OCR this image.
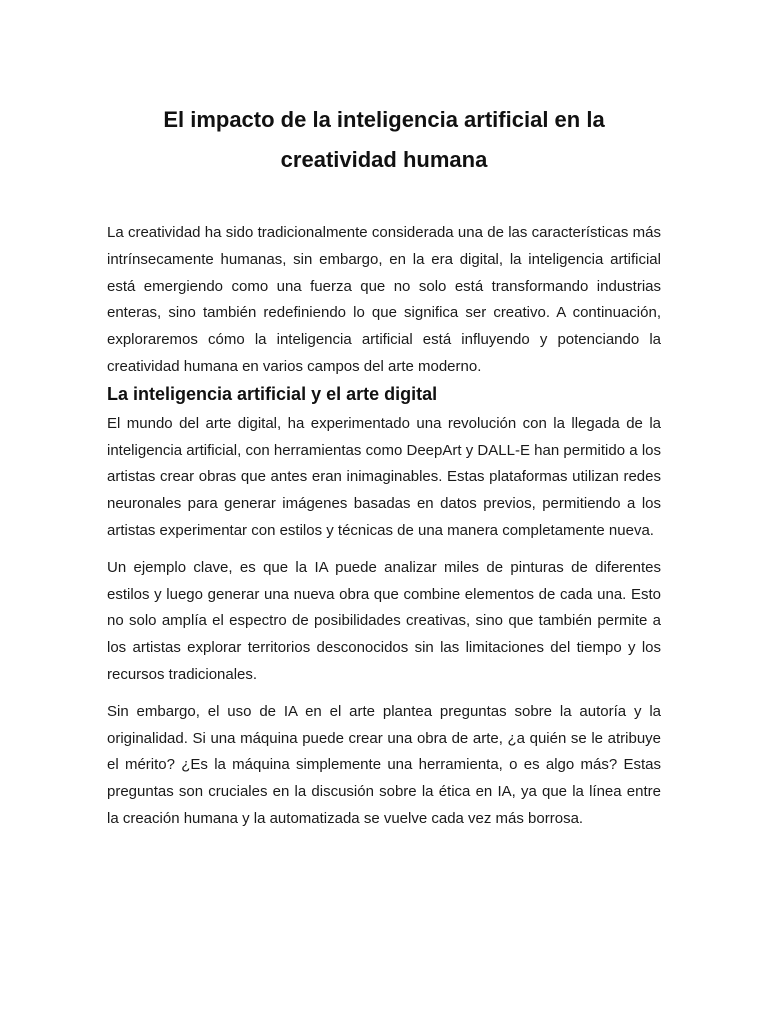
El impacto de la inteligencia artificial en la creatividad humana

La creatividad ha sido tradicionalmente considerada una de las características más intrínsecamente humanas, sin embargo, en la era digital, la inteligencia artificial está emergiendo como una fuerza que no solo está transformando industrias enteras, sino también redefiniendo lo que significa ser creativo. A continuación, exploraremos cómo la inteligencia artificial está influyendo y potenciando la creatividad humana en varios campos del arte moderno.

La inteligencia artificial y el arte digital

El mundo del arte digital, ha experimentado una revolución con la llegada de la inteligencia artificial, con herramientas como DeepArt y DALL-E han permitido a los artistas crear obras que antes eran inimaginables. Estas plataformas utilizan redes neuronales para generar imágenes basadas en datos previos, permitiendo a los artistas experimentar con estilos y técnicas de una manera completamente nueva.

Un ejemplo clave, es que la IA puede analizar miles de pinturas de diferentes estilos y luego generar una nueva obra que combine elementos de cada una. Esto no solo amplía el espectro de posibilidades creativas, sino que también permite a los artistas explorar territorios desconocidos sin las limitaciones del tiempo y los recursos tradicionales.

Sin embargo, el uso de IA en el arte plantea preguntas sobre la autoría y la originalidad. Si una máquina puede crear una obra de arte, ¿a quién se le atribuye el mérito? ¿Es la máquina simplemente una herramienta, o es algo más? Estas preguntas son cruciales en la discusión sobre la ética en IA, ya que la línea entre la creación humana y la automatizada se vuelve cada vez más borrosa.
